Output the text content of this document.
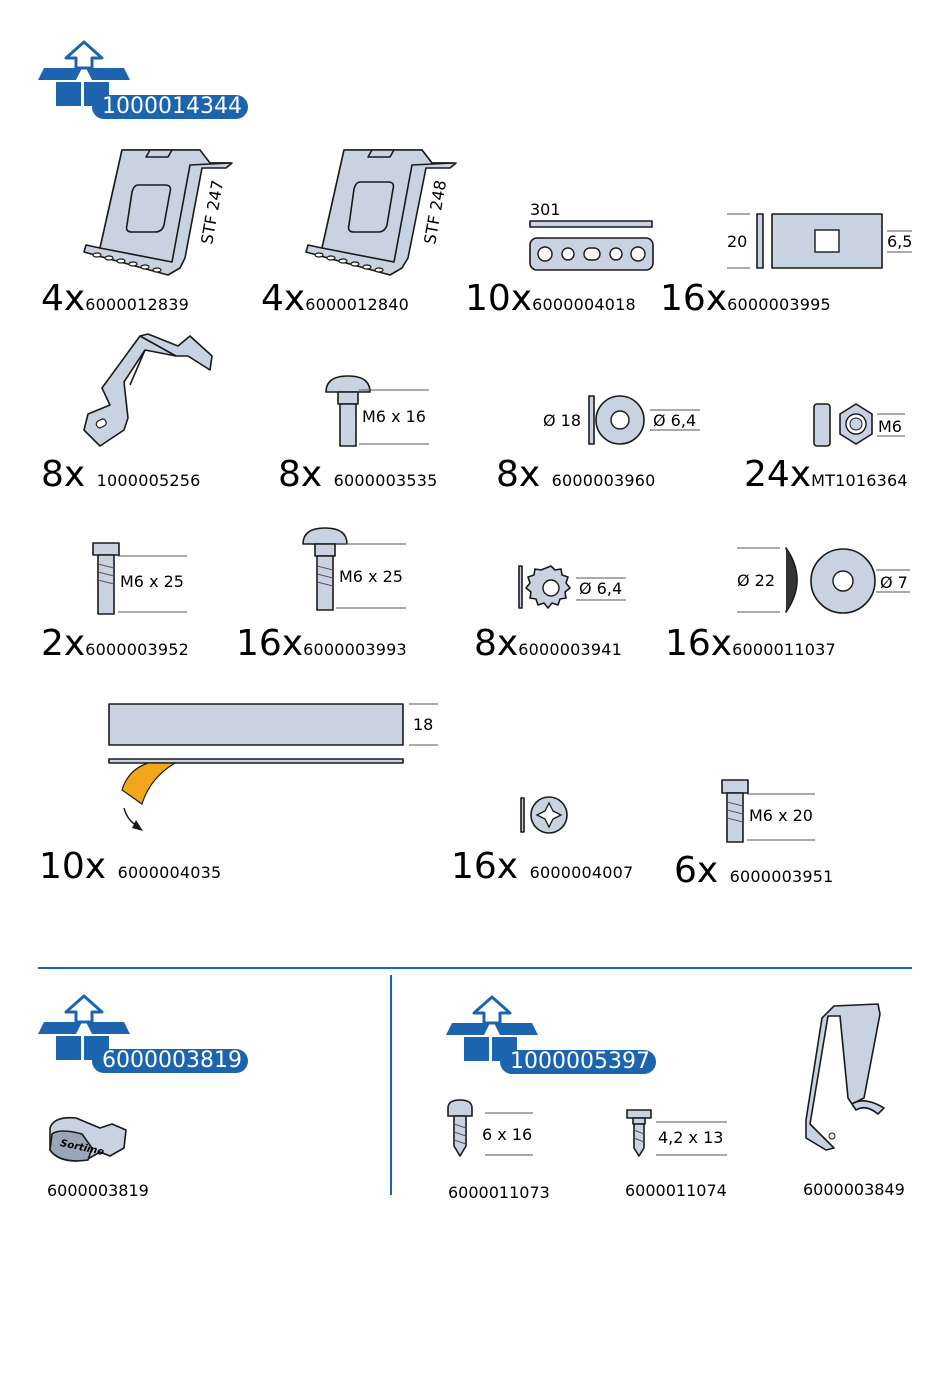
STF 247	STF 248	301
20	6,5
M6 x 16	Ø 18	Ø 6,4	M6
M6 x 25	M6 x 25
Ø 6,4	Ø 22	Ø 7
18
M6 x 20
Sortimo
6 x 16	4,2 x 13
1000014344
6000003819	1000005397
4x6000012839 4x6000012840 10x6000004018 16x6000003995
8x 1000005256 8x 6000003535 8x 6000003960 24xMT1016364
2x6000003952 16x6000003993 8x6000003941 16x6000011037
10x 6000004035	16x 6000004007 6x 6000003951
6000003819	6000011073	6000011074	6000003849
